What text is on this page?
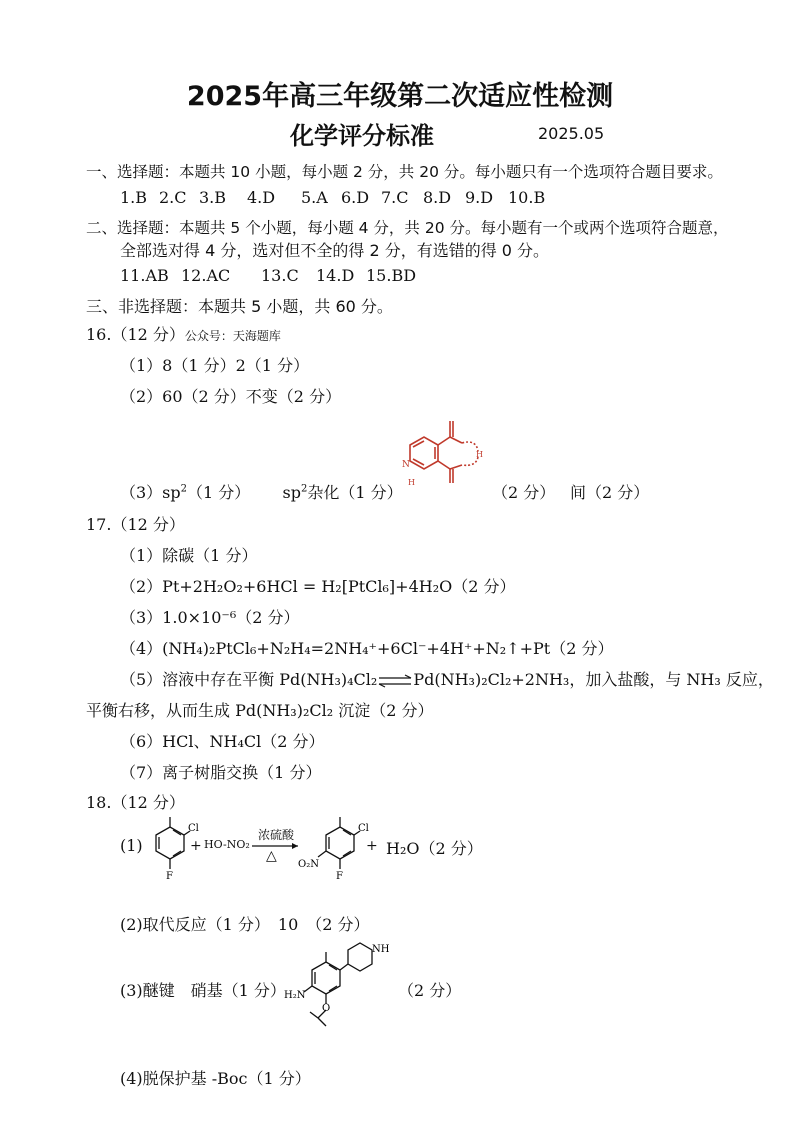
2025年高三年级第二次适应性检测
化学评分标准	2025.05
一、选择题：本题共 10 小题，每小题 2 分，共 20 分。每小题只有一个选项符合题目要求。
1.B 2.C 3.B 4.D 5.A 6.D 7.C 8.D 9.D 10.B
二、选择题：本题共 5 个小题，每小题 4 分，共 20 分。每小题有一个或两个选项符合题意，
全部选对得 4 分，选对但不全的得 2 分，有选错的得 0 分。
11.AB 12.AC 13.C 14.D 15.BD
三、非选择题：本题共 5 小题，共 60 分。
16.（12 分）公众号：天海题库
（1）8（1 分）2（1 分）
（2）60（2 分）不变（2 分）
$(3)sp^2(1$ 分） $sp^2$杂化（1 分）	（2 分） 间（2 分）
N
H
H
17.（12 分）
（1）除碳（1 分）
（2）Pt+2H₂O₂+6HCl = H₂[PtCl₆]+4H₂O（2 分）
（3）1.0×10⁻⁶（2 分）
（4）(NH₄)₂PtCl₆+N₂H₄=2NH₄⁺+6Cl⁻+4H⁺+N₂↑+Pt（2 分）
（5）溶液中存在平衡 Pd(NH₃)₄Cl₂⇌Pd(NH₃)₂Cl₂+2NH₃，加入盐酸，与 NH₃ 反应，
平衡右移，从而生成 Pd(NH₃)₂Cl₂ 沉淀（2 分）
（6）HCl、NH₄Cl（2 分）
（7）离子树脂交换（1 分）
18.（12 分）
(1)
Cl
F
+ HO-NO₂
浓硫酸
△
Cl
F
O₂N
+ H₂O（2 分）
(2)取代反应（1 分）　10　（2 分）
(3)醚键　硝基（1 分）
NH
H₂N
O
（2 分）
(4)脱保护基 -Boc（1 分）
